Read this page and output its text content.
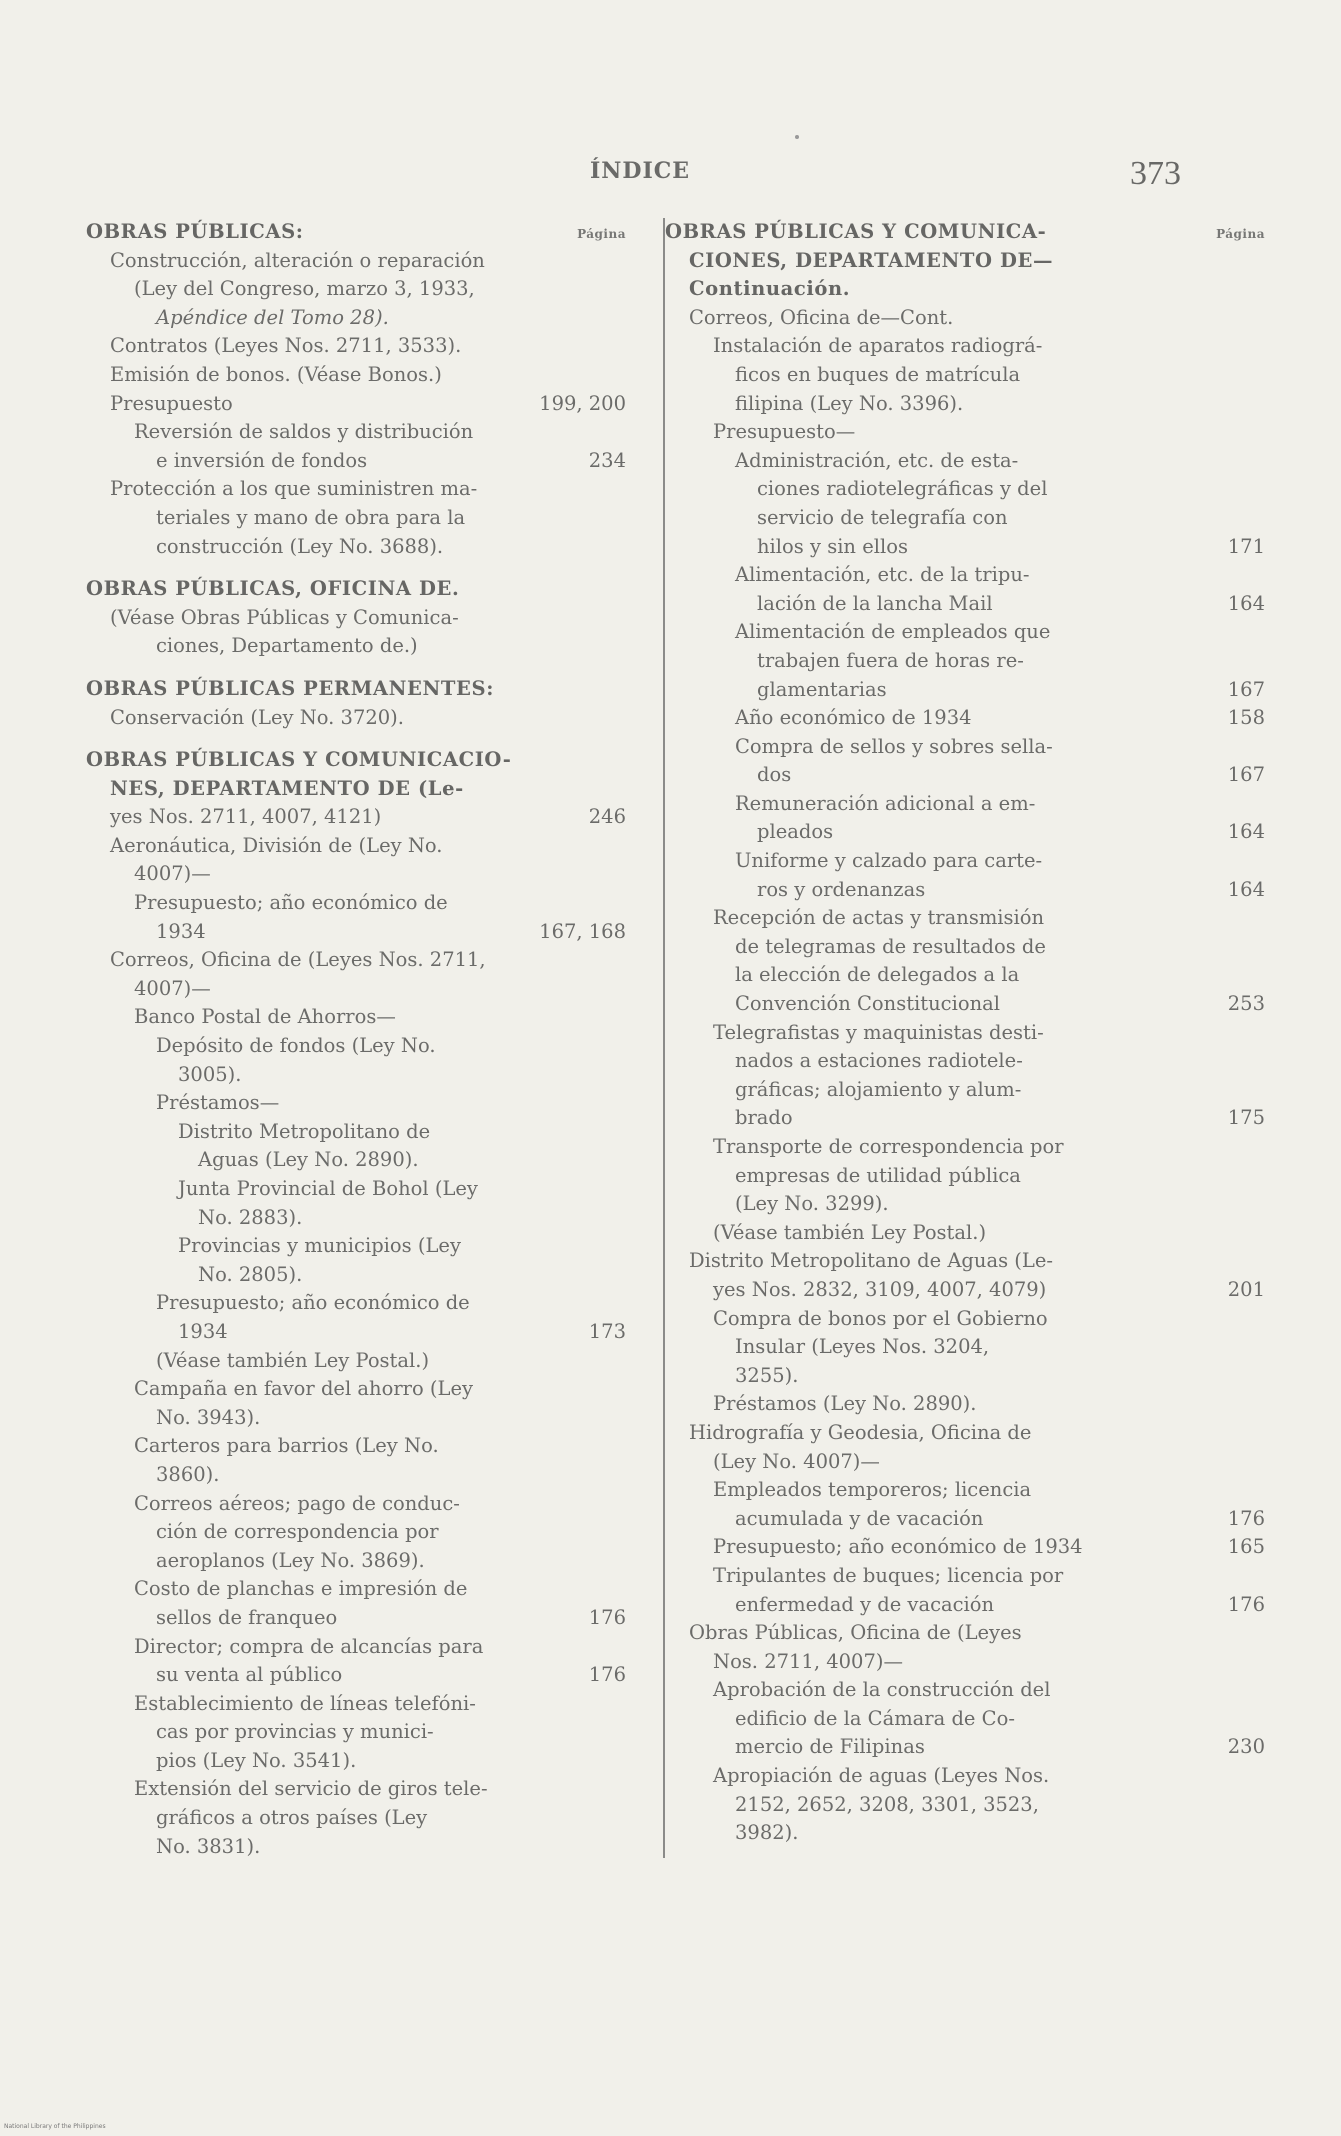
ÍNDICE	373
OBRAS PÚBLICAS:	Página
Construcción, alteración o reparación
(Ley del Congreso, marzo 3, 1933,
Apéndice del Tomo 28).
Contratos (Leyes Nos. 2711, 3533).
Emisión de bonos. (Véase Bonos.)
Presupuesto	199, 200
Reversión de saldos y distribución
e inversión de fondos	234
Protección a los que suministren ma-
teriales y mano de obra para la
construcción (Ley No. 3688).
OBRAS PÚBLICAS, OFICINA DE.
(Véase Obras Públicas y Comunica-
ciones, Departamento de.)
OBRAS PÚBLICAS PERMANENTES:
Conservación (Ley No. 3720).
OBRAS PÚBLICAS Y COMUNICACIO-
NES, DEPARTAMENTO DE (Le-
yes Nos. 2711, 4007, 4121)	246
Aeronáutica, División de (Ley No.
4007)—
Presupuesto; año económico de
1934	167, 168
Correos, Oficina de (Leyes Nos. 2711,
4007)—
Banco Postal de Ahorros—
Depósito de fondos (Ley No.
3005).
Préstamos—
Distrito Metropolitano de
Aguas (Ley No. 2890).
Junta Provincial de Bohol (Ley
No. 2883).
Provincias y municipios (Ley
No. 2805).
Presupuesto; año económico de
1934	173
(Véase también Ley Postal.)
Campaña en favor del ahorro (Ley
No. 3943).
Carteros para barrios (Ley No.
3860).
Correos aéreos; pago de conduc-
ción de correspondencia por
aeroplanos (Ley No. 3869).
Costo de planchas e impresión de
sellos de franqueo	176
Director; compra de alcancías para
su venta al público	176
Establecimiento de líneas telefóni-
cas por provincias y munici-
pios (Ley No. 3541).
Extensión del servicio de giros tele-
gráficos a otros países (Ley
No. 3831).
OBRAS PÚBLICAS Y COMUNICA-	Página
CIONES, DEPARTAMENTO DE—
Continuación.
Correos, Oficina de—Cont.
Instalación de aparatos radiográ-
ficos en buques de matrícula
filipina (Ley No. 3396).
Presupuesto—
Administración, etc. de esta-
ciones radiotelegráficas y del
servicio de telegrafía con
hilos y sin ellos	171
Alimentación, etc. de la tripu-
lación de la lancha Mail	164
Alimentación de empleados que
trabajen fuera de horas re-
glamentarias	167
Año económico de 1934	158
Compra de sellos y sobres sella-
dos	167
Remuneración adicional a em-
pleados	164
Uniforme y calzado para carte-
ros y ordenanzas	164
Recepción de actas y transmisión
de telegramas de resultados de
la elección de delegados a la
Convención Constitucional	253
Telegrafistas y maquinistas desti-
nados a estaciones radiotele-
gráficas; alojamiento y alum-
brado	175
Transporte de correspondencia por
empresas de utilidad pública
(Ley No. 3299).
(Véase también Ley Postal.)
Distrito Metropolitano de Aguas (Le-
yes Nos. 2832, 3109, 4007, 4079)	201
Compra de bonos por el Gobierno
Insular (Leyes Nos. 3204,
3255).
Préstamos (Ley No. 2890).
Hidrografía y Geodesia, Oficina de
(Ley No. 4007)—
Empleados temporeros; licencia
acumulada y de vacación	176
Presupuesto; año económico de 1934	165
Tripulantes de buques; licencia por
enfermedad y de vacación	176
Obras Públicas, Oficina de (Leyes
Nos. 2711, 4007)—
Aprobación de la construcción del
edificio de la Cámara de Co-
mercio de Filipinas	230
Apropiación de aguas (Leyes Nos.
2152, 2652, 3208, 3301, 3523,
3982).
National Library of the Philippines
